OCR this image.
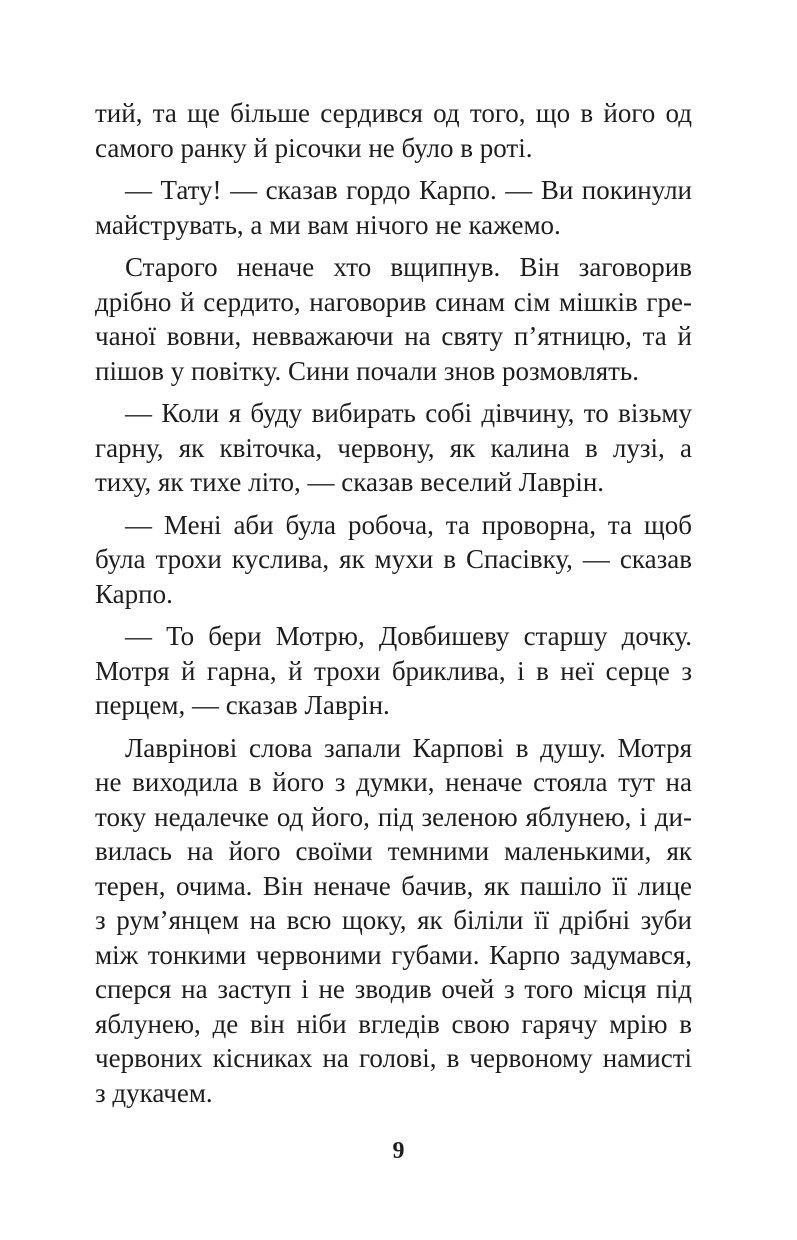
тий, та ще більше сердився од того, що в його од
самого ранку й рісочки не було в роті.
— Тату! — сказав гордо Карпо. — Ви покинули
майструвать, а ми вам нічого не кажемо.
Старого неначе хто вщипнув. Він заговорив
дрібно й сердито, наговорив синам сім мішків гре-
чаної вовни, невважаючи на святу п’ятницю, та й
пішов у повітку. Сини почали знов розмовлять.
— Коли я буду вибирать собі дівчину, то візьму
гарну, як квіточка, червону, як калина в лузі, а
тиху, як тихе літо, — сказав веселий Лаврін.
— Мені аби була робоча, та проворна, та щоб
була трохи куслива, як мухи в Спасівку, — сказав
Карпо.
— То бери Мотрю, Довбишеву старшу дочку.
Мотря й гарна, й трохи бриклива, і в неї серце з
перцем, — сказав Лаврін.
Лаврінові слова запали Карпові в душу. Мотря
не виходила в його з думки, неначе стояла тут на
току недалечке од його, під зеленою яблунею, і ди-
вилась на його своїми темними маленькими, як
терен, очима. Він неначе бачив, як пашіло її лице
з рум’янцем на всю щоку, як біліли її дрібні зуби
між тонкими червоними губами. Карпо задумався,
сперся на заступ і не зводив очей з того місця під
яблунею, де він ніби вгледів свою гарячу мрію в
червоних кісниках на голові, в червоному намисті
з дукачем.
9
